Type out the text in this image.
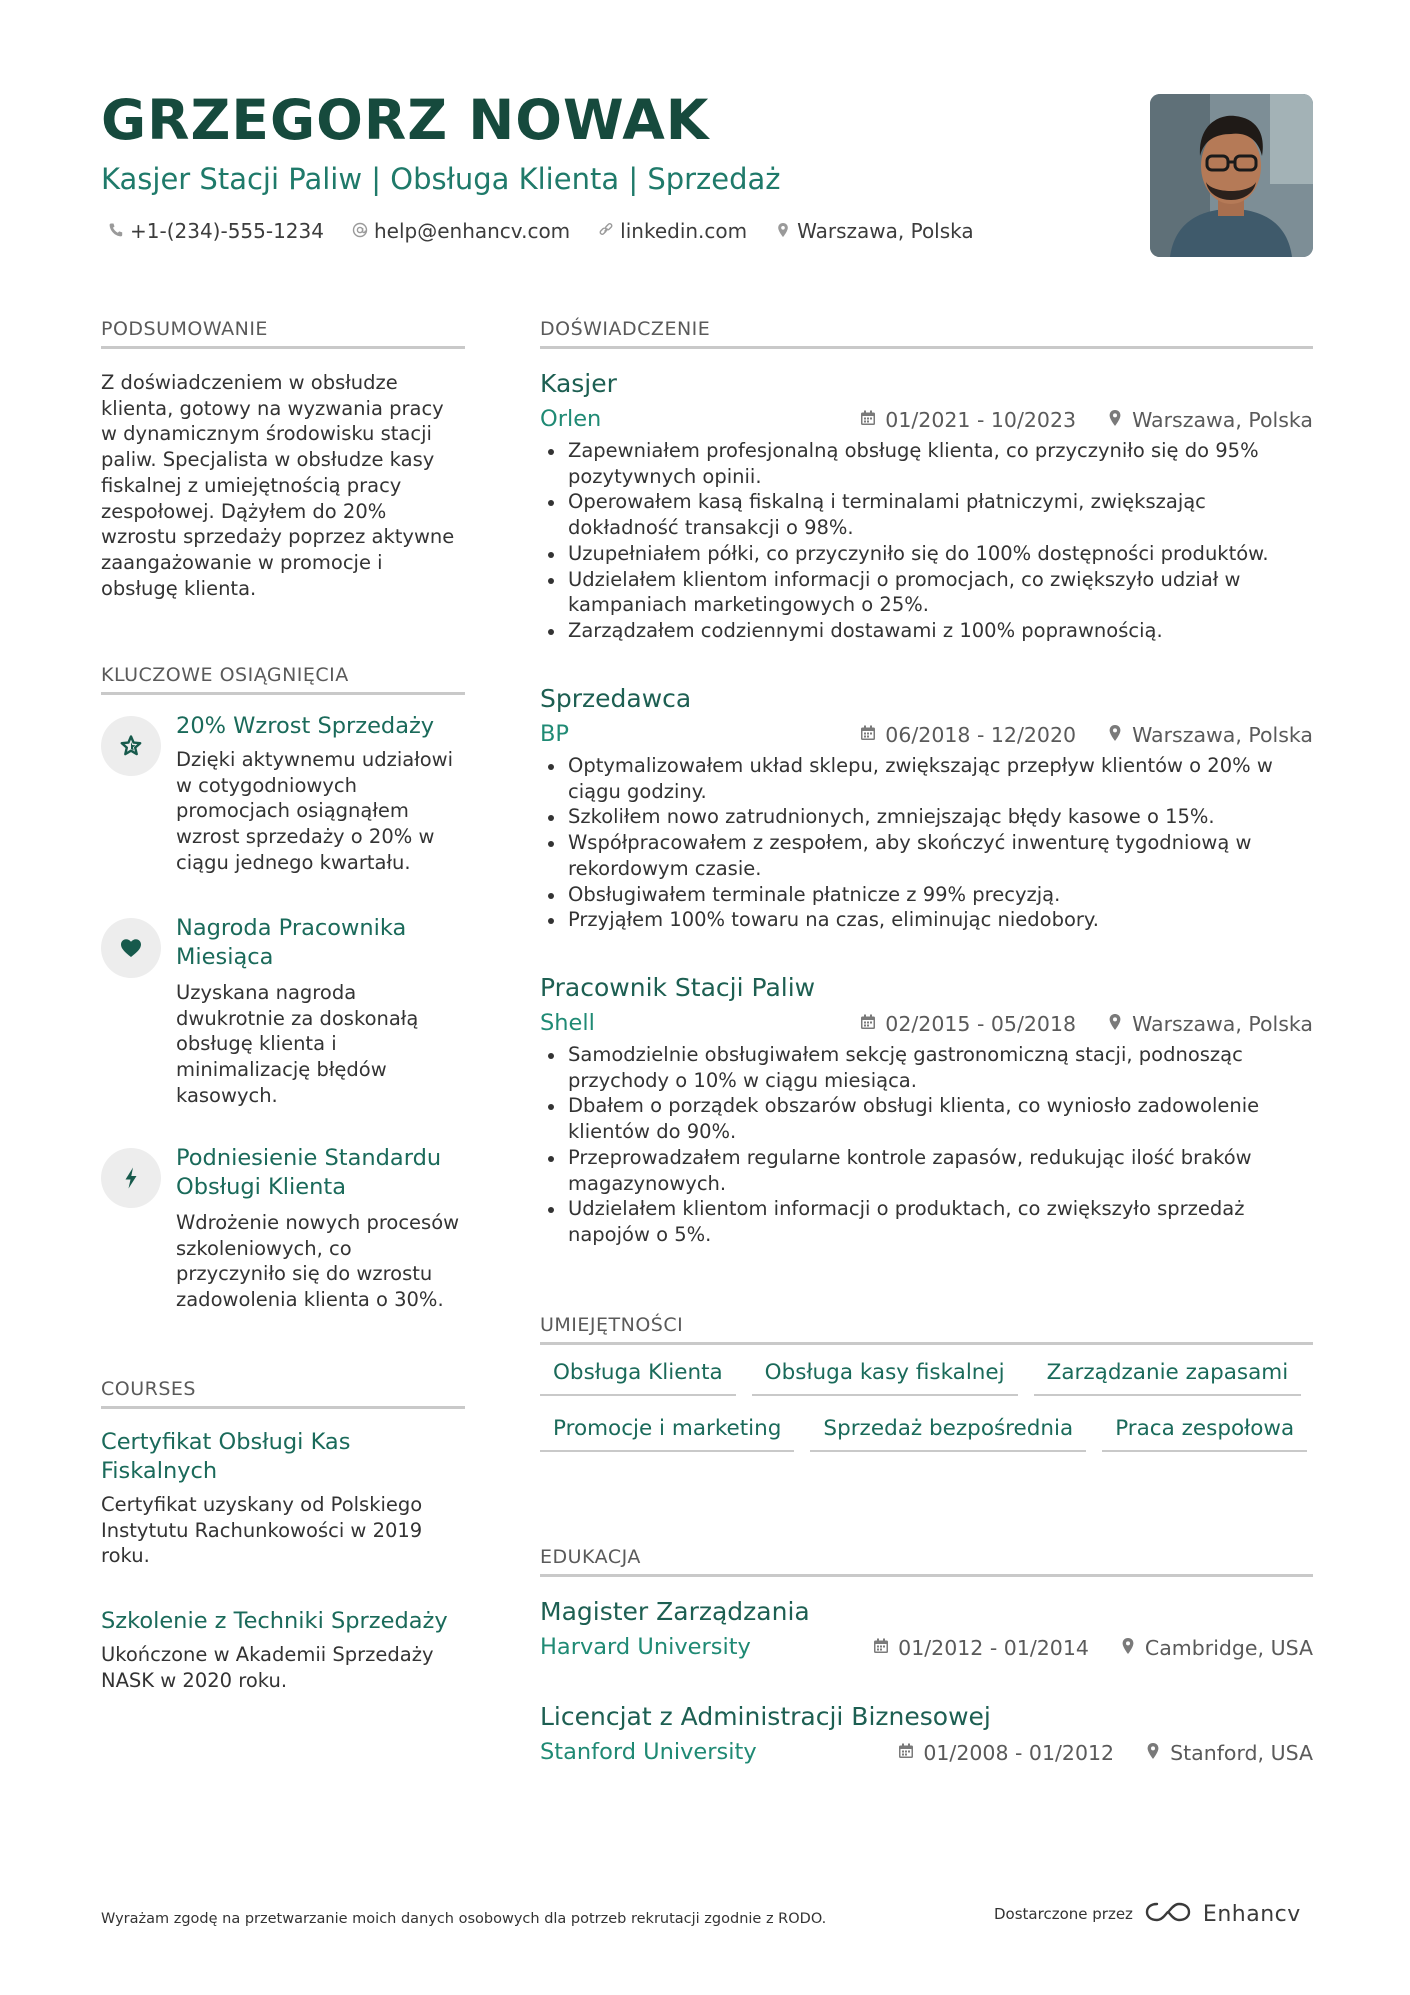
GRZEGORZ NOWAK
Kasjer Stacji Paliw | Obsługa Klienta | Sprzedaż
+1-(234)-555-1234	help@enhancv.com	linkedin.com	Warszawa, Polska
PODSUMOWANIE
Z doświadczeniem w obsłudze klienta, gotowy na wyzwania pracy w dynamicznym środowisku stacji paliw. Specjalista w obsłudze kasy fiskalnej z umiejętnością pracy zespołowej. Dążyłem do 20% wzrostu sprzedaży poprzez aktywne zaangażowanie w promocje i obsługę klienta.
KLUCZOWE OSIĄGNIĘCIA
20% Wzrost Sprzedaży
Dzięki aktywnemu udziałowi w cotygodniowych promocjach osiągnąłem wzrost sprzedaży o 20% w ciągu jednego kwartału.
Nagroda Pracownika Miesiąca
Uzyskana nagroda dwukrotnie za doskonałą obsługę klienta i minimalizację błędów kasowych.
Podniesienie Standardu Obsługi Klienta
Wdrożenie nowych procesów szkoleniowych, co przyczyniło się do wzrostu zadowolenia klienta o 30%.
COURSES
Certyfikat Obsługi Kas Fiskalnych
Certyfikat uzyskany od Polskiego Instytutu Rachunkowości w 2019 roku.
Szkolenie z Techniki Sprzedaży
Ukończone w Akademii Sprzedaży NASK w 2020 roku.
DOŚWIADCZENIE
Kasjer
Orlen	01/2021 - 10/2023	Warszawa, Polska
Zapewniałem profesjonalną obsługę klienta, co przyczyniło się do 95% pozytywnych opinii.
Operowałem kasą fiskalną i terminalami płatniczymi, zwiększając dokładność transakcji o 98%.
Uzupełniałem półki, co przyczyniło się do 100% dostępności produktów.
Udzielałem klientom informacji o promocjach, co zwiększyło udział w kampaniach marketingowych o 25%.
Zarządzałem codziennymi dostawami z 100% poprawnością.
Sprzedawca
BP	06/2018 - 12/2020	Warszawa, Polska
Optymalizowałem układ sklepu, zwiększając przepływ klientów o 20% w ciągu godziny.
Szkoliłem nowo zatrudnionych, zmniejszając błędy kasowe o 15%.
Współpracowałem z zespołem, aby skończyć inwenturę tygodniową w rekordowym czasie.
Obsługiwałem terminale płatnicze z 99% precyzją.
Przyjąłem 100% towaru na czas, eliminując niedobory.
Pracownik Stacji Paliw
Shell	02/2015 - 05/2018	Warszawa, Polska
Samodzielnie obsługiwałem sekcję gastronomiczną stacji, podnosząc przychody o 10% w ciągu miesiąca.
Dbałem o porządek obszarów obsługi klienta, co wyniosło zadowolenie klientów do 90%.
Przeprowadzałem regularne kontrole zapasów, redukując ilość braków magazynowych.
Udzielałem klientom informacji o produktach, co zwiększyło sprzedaż napojów o 5%.
UMIEJĘTNOŚCI
Obsługa Klienta	Obsługa kasy fiskalnej	Zarządzanie zapasami
Promocje i marketing	Sprzedaż bezpośrednia	Praca zespołowa
EDUKACJA
Magister Zarządzania
Harvard University	01/2012 - 01/2014	Cambridge, USA
Licencjat z Administracji Biznesowej
Stanford University	01/2008 - 01/2012	Stanford, USA
Wyrażam zgodę na przetwarzanie moich danych osobowych dla potrzeb rekrutacji zgodnie z RODO.	Dostarczone przez	Enhancv
